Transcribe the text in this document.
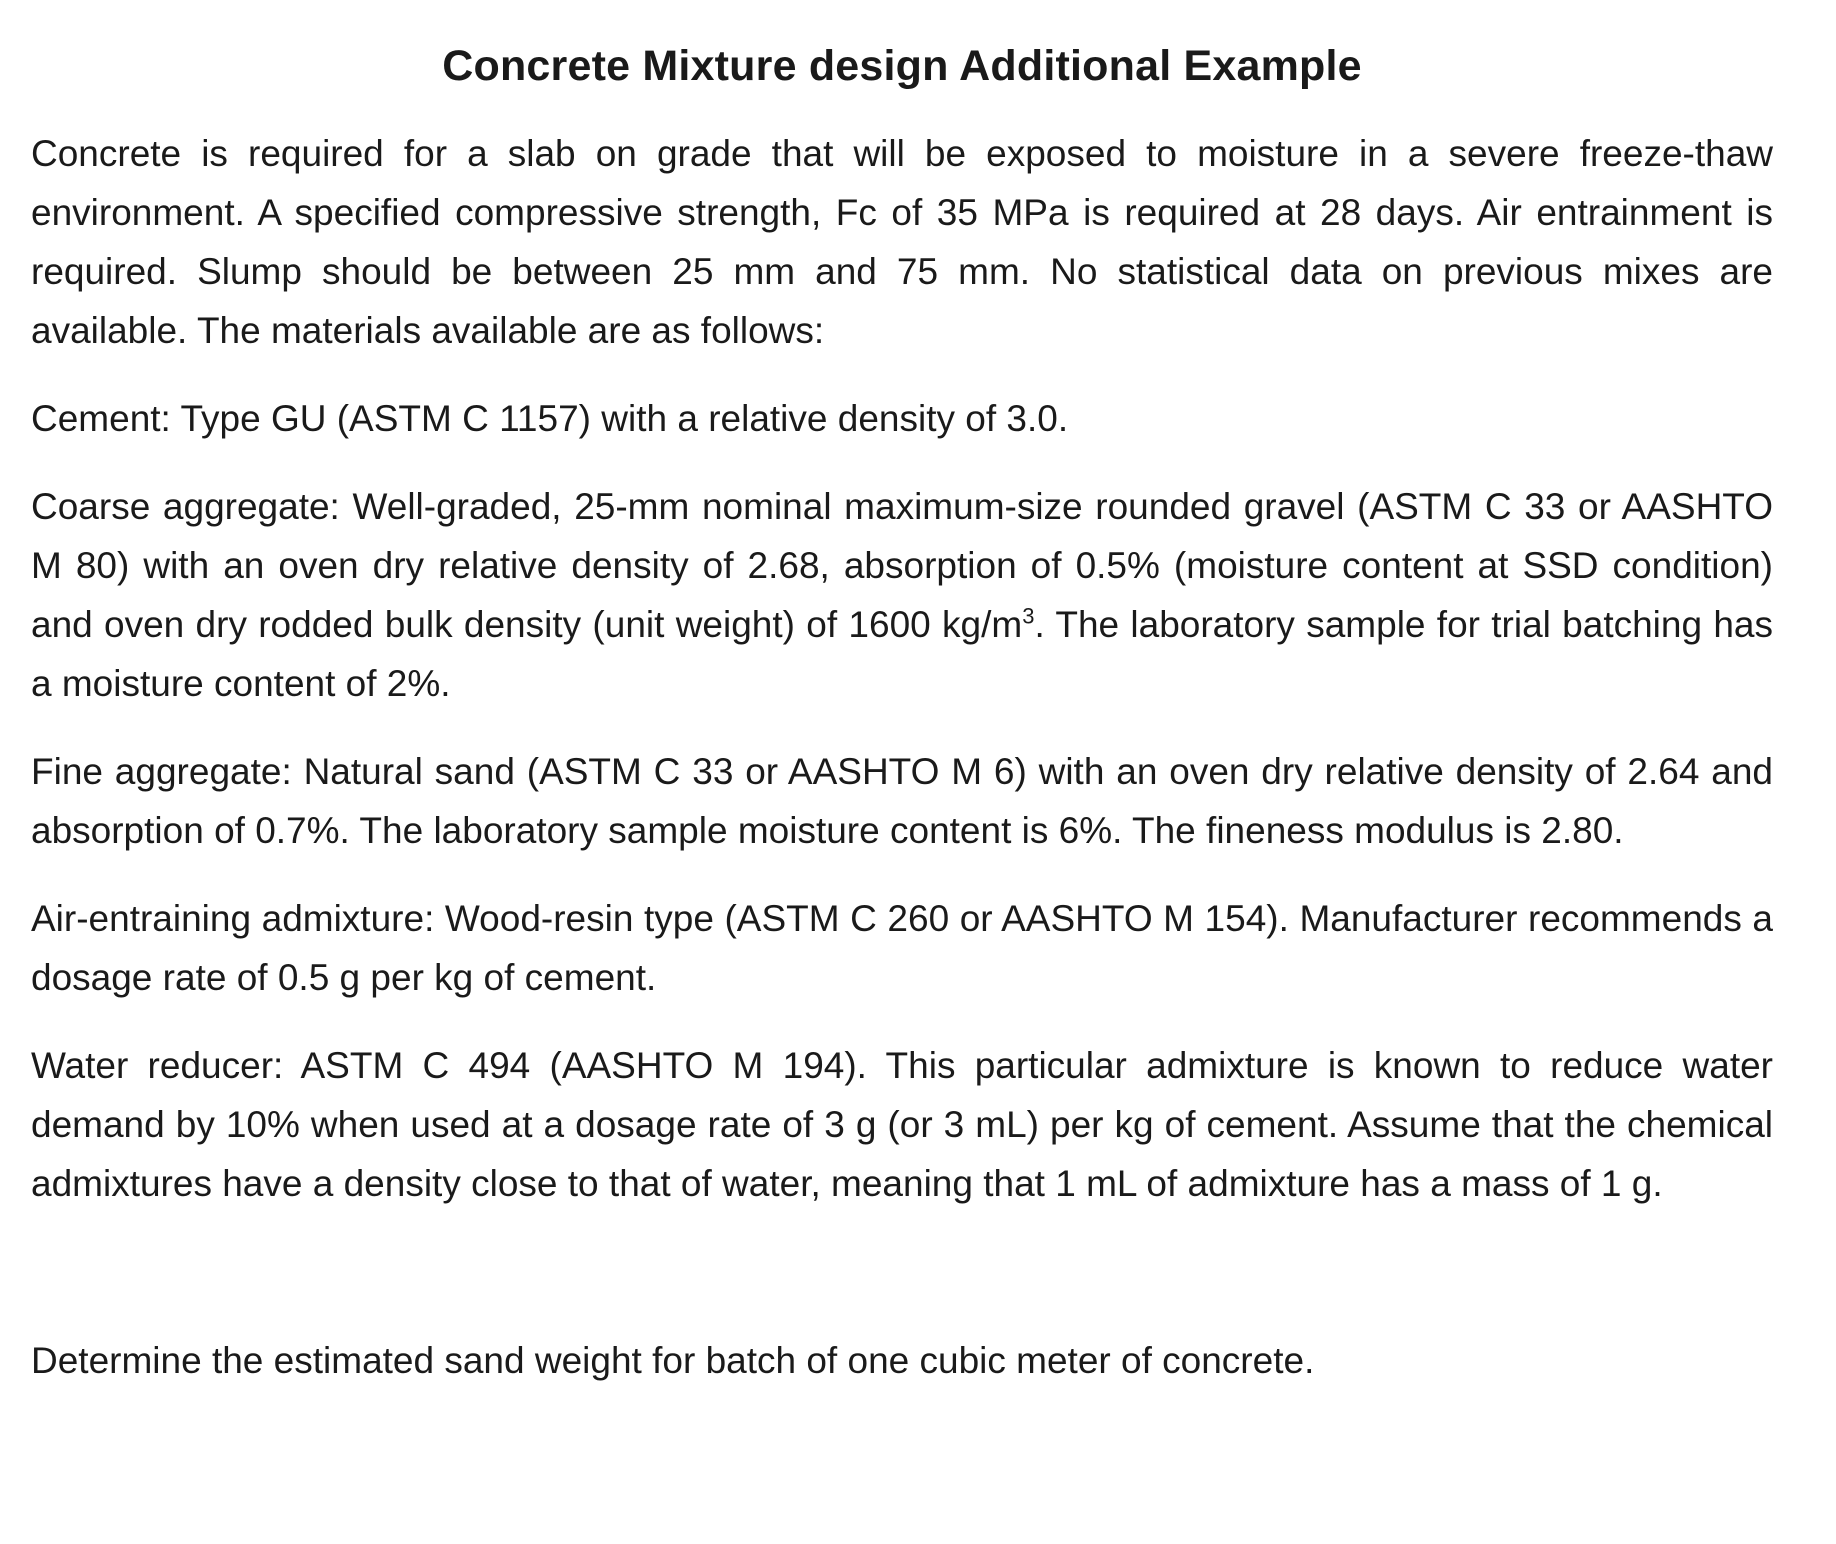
Concrete Mixture design Additional Example

Concrete is required for a slab on grade that will be exposed to moisture in a severe freeze-thaw environment. A specified compressive strength, Fc of 35 MPa is required at 28 days. Air entrainment is required. Slump should be between 25 mm and 75 mm. No statistical data on previous mixes are available. The materials available are as follows:

Cement: Type GU (ASTM C 1157) with a relative density of 3.0.

Coarse aggregate: Well-graded, 25-mm nominal maximum-size rounded gravel (ASTM C 33 or AASHTO M 80) with an oven dry relative density of 2.68, absorption of 0.5% (moisture content at SSD condition) and oven dry rodded bulk density (unit weight) of 1600 $kg/m^3$. The laboratory sample for trial batching has a moisture content of 2%.

Fine aggregate: Natural sand (ASTM C 33 or AASHTO M 6) with an oven dry relative density of 2.64 and absorption of 0.7%. The laboratory sample moisture content is 6%. The fineness modulus is 2.80.

Air-entraining admixture: Wood-resin type (ASTM C 260 or AASHTO M 154). Manufacturer recommends a dosage rate of 0.5 g per kg of cement.

Water reducer: ASTM C 494 (AASHTO M 194). This particular admixture is known to reduce water demand by 10% when used at a dosage rate of 3 g (or 3 mL) per kg of cement. Assume that the chemical admixtures have a density close to that of water, meaning that 1 mL of admixture has a mass of 1 g.

Determine the estimated sand weight for batch of one cubic meter of concrete.
